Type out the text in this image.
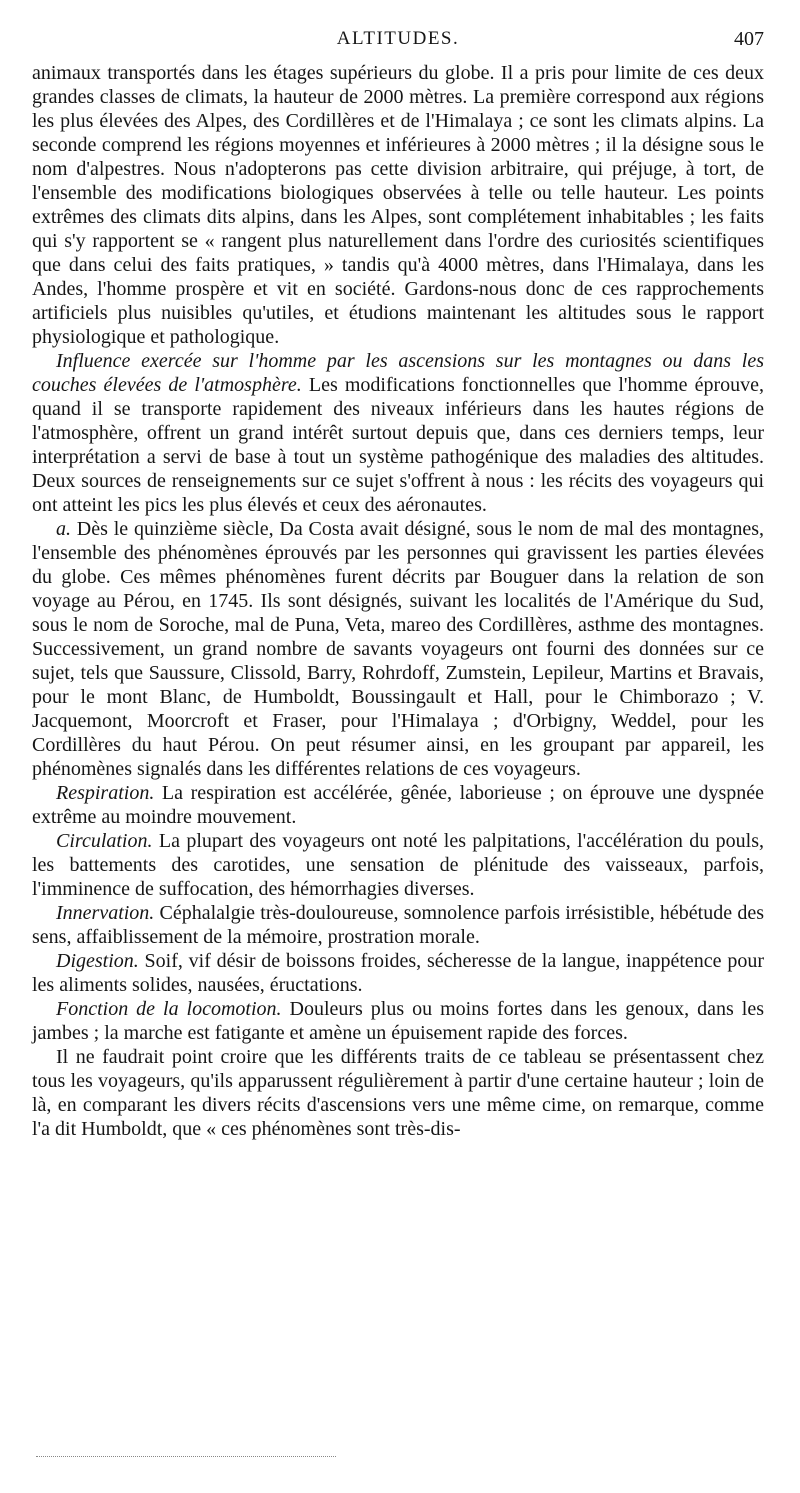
ALTITUDES.	407

animaux transportés dans les étages supérieurs du globe. Il a pris pour limite de ces deux grandes classes de climats, la hauteur de 2000 mètres. La première correspond aux régions les plus élevées des Alpes, des Cordillères et de l'Himalaya ; ce sont les climats alpins. La seconde comprend les régions moyennes et inférieures à 2000 mètres ; il la désigne sous le nom d'alpestres. Nous n'adopterons pas cette division arbitraire, qui préjuge, à tort, de l'ensemble des modifications biologiques observées à telle ou telle hauteur. Les points extrêmes des climats dits alpins, dans les Alpes, sont complétement inhabitables ; les faits qui s'y rapportent se « rangent plus naturellement dans l'ordre des curiosités scientifiques que dans celui des faits pratiques, » tandis qu'à 4000 mètres, dans l'Himalaya, dans les Andes, l'homme prospère et vit en société. Gardons-nous donc de ces rapprochements artificiels plus nuisibles qu'utiles, et étudions maintenant les altitudes sous le rapport physiologique et pathologique.

Influence exercée sur l'homme par les ascensions sur les montagnes ou dans les couches élevées de l'atmosphère. Les modifications fonctionnelles que l'homme éprouve, quand il se transporte rapidement des niveaux inférieurs dans les hautes régions de l'atmosphère, offrent un grand intérêt surtout depuis que, dans ces derniers temps, leur interprétation a servi de base à tout un système pathogénique des maladies des altitudes. Deux sources de renseignements sur ce sujet s'offrent à nous : les récits des voyageurs qui ont atteint les pics les plus élevés et ceux des aéronautes.

a. Dès le quinzième siècle, Da Costa avait désigné, sous le nom de mal des montagnes, l'ensemble des phénomènes éprouvés par les personnes qui gravissent les parties élevées du globe. Ces mêmes phénomènes furent décrits par Bouguer dans la relation de son voyage au Pérou, en 1745. Ils sont désignés, suivant les localités de l'Amérique du Sud, sous le nom de Soroche, mal de Puna, Veta, mareo des Cordillères, asthme des montagnes. Successivement, un grand nombre de savants voyageurs ont fourni des données sur ce sujet, tels que Saussure, Clissold, Barry, Rohrdoff, Zumstein, Lepileur, Martins et Bravais, pour le mont Blanc, de Humboldt, Boussingault et Hall, pour le Chimborazo ; V. Jacquemont, Moorcroft et Fraser, pour l'Himalaya ; d'Orbigny, Weddel, pour les Cordillères du haut Pérou. On peut résumer ainsi, en les groupant par appareil, les phénomènes signalés dans les différentes relations de ces voyageurs.

Respiration. La respiration est accélérée, gênée, laborieuse ; on éprouve une dyspnée extrême au moindre mouvement.

Circulation. La plupart des voyageurs ont noté les palpitations, l'accélération du pouls, les battements des carotides, une sensation de plénitude des vaisseaux, parfois, l'imminence de suffocation, des hémorrhagies diverses.

Innervation. Céphalalgie très-douloureuse, somnolence parfois irrésistible, hébétude des sens, affaiblissement de la mémoire, prostration morale.

Digestion. Soif, vif désir de boissons froides, sécheresse de la langue, inappétence pour les aliments solides, nausées, éructations.

Fonction de la locomotion. Douleurs plus ou moins fortes dans les genoux, dans les jambes ; la marche est fatigante et amène un épuisement rapide des forces.

Il ne faudrait point croire que les différents traits de ce tableau se présentassent chez tous les voyageurs, qu'ils apparussent régulièrement à partir d'une certaine hauteur ; loin de là, en comparant les divers récits d'ascensions vers une même cime, on remarque, comme l'a dit Humboldt, que « ces phénomènes sont très-dis-
